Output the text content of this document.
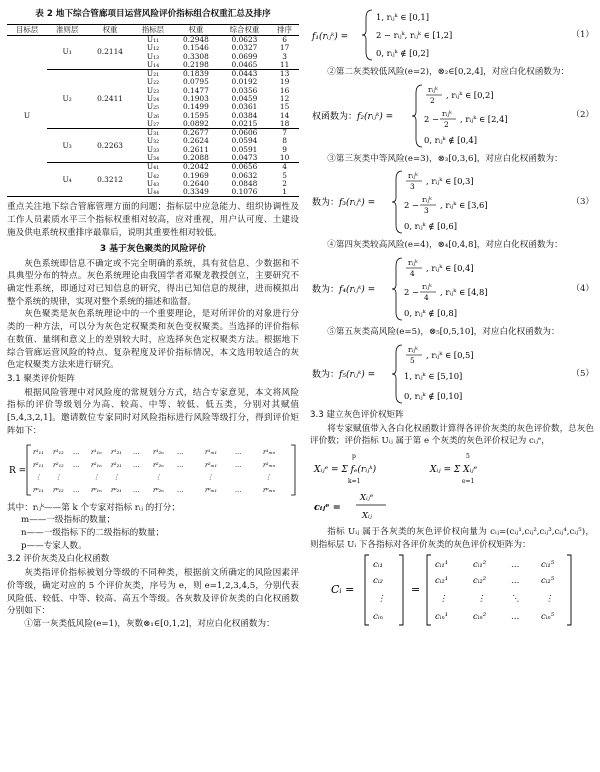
表 2 地下综合管廊项目运营风险评价指标组合权重汇总及排序
目标层	准则层	权重	指标层	权重	综合权重	排序
U	U₁	0.2114	U₁₁	0.2948	0.0623	6
			U₁₂	0.1546	0.0327	17
			U₁₃	0.3308	0.0699	3
			U₁₄	0.2198	0.0465	11
	U₂	0.2411	U₂₁	0.1839	0.0443	13
			U₂₂	0.0795	0.0192	19
			U₂₃	0.1477	0.0356	16
			U₂₄	0.1903	0.0459	12
			U₂₅	0.1499	0.0361	15
			U₂₆	0.1595	0.0384	14
			U₂₇	0.0892	0.0215	18
	U₃	0.2263	U₃₁	0.2677	0.0606	7
			U₃₂	0.2624	0.0594	8
			U₃₃	0.2611	0.0591	9
			U₃₄	0.2088	0.0473	10
	U₄	0.3212	U₄₁	0.2042	0.0656	4
			U₄₂	0.1969	0.0632	5
			U₄₃	0.2640	0.0848	2
			U₄₄	0.3349	0.1076	1

重点关注地下综合管廊管理方面的问题；指标层中应急能力、组织协调性及工作人员素质水平三个指标权重相对较高，应对重视，用户认可度、土建设施及供电系统权重排序最靠后，说明其重要性相对较低。

3 基于灰色聚类的风险评价

灰色系统即信息不确定或不完全明确的系统，具有贫信息、少数据和不具典型分布的特点。灰色系统理论由我国学者邓聚龙教授创立，主要研究不确定性系统，即通过对已知信息的研究，得出已知信息的规律，进而模拟出整个系统的规律，实现对整个系统的描述和监督。

灰色聚类是灰色系统理论中的一个重要理论，是对所评价的对象进行分类的一种方法，可以分为灰色定权聚类和灰色变权聚类。当选择的评价指标在数值、量纲和意义上的差别较大时，应选择灰色定权聚类方法。根据地下综合管廊运营风险的特点、复杂程度及评价指标情况，本文选用较适合的灰色定权聚类方法来进行研究。

3.1 聚类评价矩阵

根据风险管理中对风险度的常规划分方式，结合专家意见，本文将风险指标的评价等级划分为高、较高、中等、较低、低五类，分别对其赋值[5,4,3,2,1]。邀请数位专家同时对风险指标进行风险等级打分，得到评价矩阵如下：

R =
r¹₁₁ r¹₁₂ … r¹₁ₙ r¹₂₁ … r¹₂ₙ …	r¹ₘ₁	…	r¹ₘₙ
r²₁₁ r²₁₂ … r²₁ₙ r²₂₁ … r²₂ₙ …	r²ₘ₁	…	r²ₘₙ
⋮ ⋮	⋮ ⋮	⋮	⋮	⋮
rᵖ₁₁ rᵖ₁₂ … rᵖ₁ₙ rᵖ₂₁ … rᵖ₂ₙ …	rᵖₘ₁	…	rᵖₘₙ

其中：rᵢⱼᵏ——第 k 个专家对指标 rᵢⱼ 的打分；

m——一级指标的数量；

n——一级指标下的二级指标的数量；

p——专家人数。

3.2 评价灰类及白化权函数

灰类指评价指标被划分等级的不同种类，根据前文所确定的风险因素评价等级，确定对应的 5 个评价灰类，序号为 e，则 e=1,2,3,4,5，分别代表风险低、较低、中等、较高、高五个等级。各灰数及评价灰类的白化权函数分别如下：

①第一灰类低风险(e=1)，灰数⊗₁∈[0,1,2]，对应白化权函数为：

f₁(rᵢⱼᵏ) =
1, rᵢⱼᵏ ∈ [0,1]
2 − rᵢⱼᵏ, rᵢⱼᵏ ∈ [1,2]
0, rᵢⱼᵏ ∉ [0,2]
（1）

②第二灰类较低风险(e=2)，⊗₂∈[0,2,4]，对应白化权函数为：

权函数为：f₂(rᵢⱼᵏ) =
rᵢⱼᵏ
2
, rᵢⱼᵏ ∈ [0,2]
2 −
rᵢⱼᵏ
2
, rᵢⱼᵏ ∈ [2,4]
0, rᵢⱼᵏ ∉ [0,4]
（2）

③第三灰类中等风险(e=3)，⊗₃[0,3,6]，对应白化权函数为：

数为：f₃(rᵢⱼᵏ) =
rᵢⱼᵏ
3
, rᵢⱼᵏ ∈ [0,3]
2 −
rᵢⱼᵏ
3
, rᵢⱼᵏ ∈ [3,6]
0, rᵢⱼᵏ ∉ [0,6]
（3）

④第四灰类较高风险(e=4)，⊗₄[0,4,8]，对应白化权函数为：

数为：f₄(rᵢⱼᵏ) =
rᵢⱼᵏ
4
, rᵢⱼᵏ ∈ [0,4]
2 −
rᵢⱼᵏ
4
, rᵢⱼᵏ ∈ [4,8]
0, rᵢⱼᵏ ∉ [0,8]
（4）

⑤第五灰类高风险(e=5)，⊗₅[0,5,10]，对应白化权函数为：

数为：f₅(rᵢⱼᵏ) =
rᵢⱼᵏ
5
, rᵢⱼᵏ ∈ [0,5]
1, rᵢⱼᵏ ∈ [5,10]
0, rᵢⱼᵏ ∉ [0,10]
（5）
3.3 建立灰色评价权矩阵

将专家赋值带入各白化权函数计算得各评价灰类的灰色评价数，总灰色评价数；评价指标 Uᵢⱼ 属于第 e 个灰类的灰色评价权记为 cᵢⱼᵉ，

Xᵢⱼᵉ = Σ fₑ(rᵢⱼᵏ)
p
k=1
Xᵢⱼ = Σ Xᵢⱼᵉ
5
e=1
cᵢⱼᵉ =
Xᵢⱼᵉ
Xᵢⱼ

指标 Uᵢⱼ 属于各灰类的灰色评价权向量为 cᵢⱼ=(cᵢⱼ¹,cᵢⱼ²,cᵢⱼ³,cᵢⱼ⁴,cᵢⱼ⁵)，则指标层 Uᵢ 下各指标对各评价灰类的灰色评价权矩阵为：

Cᵢ =
cᵢ₁
cᵢ₂
⋮
cᵢₙ
=
cᵢ₁¹	cᵢ₁²	…	cᵢ₁⁵
cᵢ₂¹	cᵢ₂²	…	cᵢ₂⁵
⋮	⋮	⋱	⋮
cᵢₙ¹	cᵢₙ²	…	cᵢₙ⁵
